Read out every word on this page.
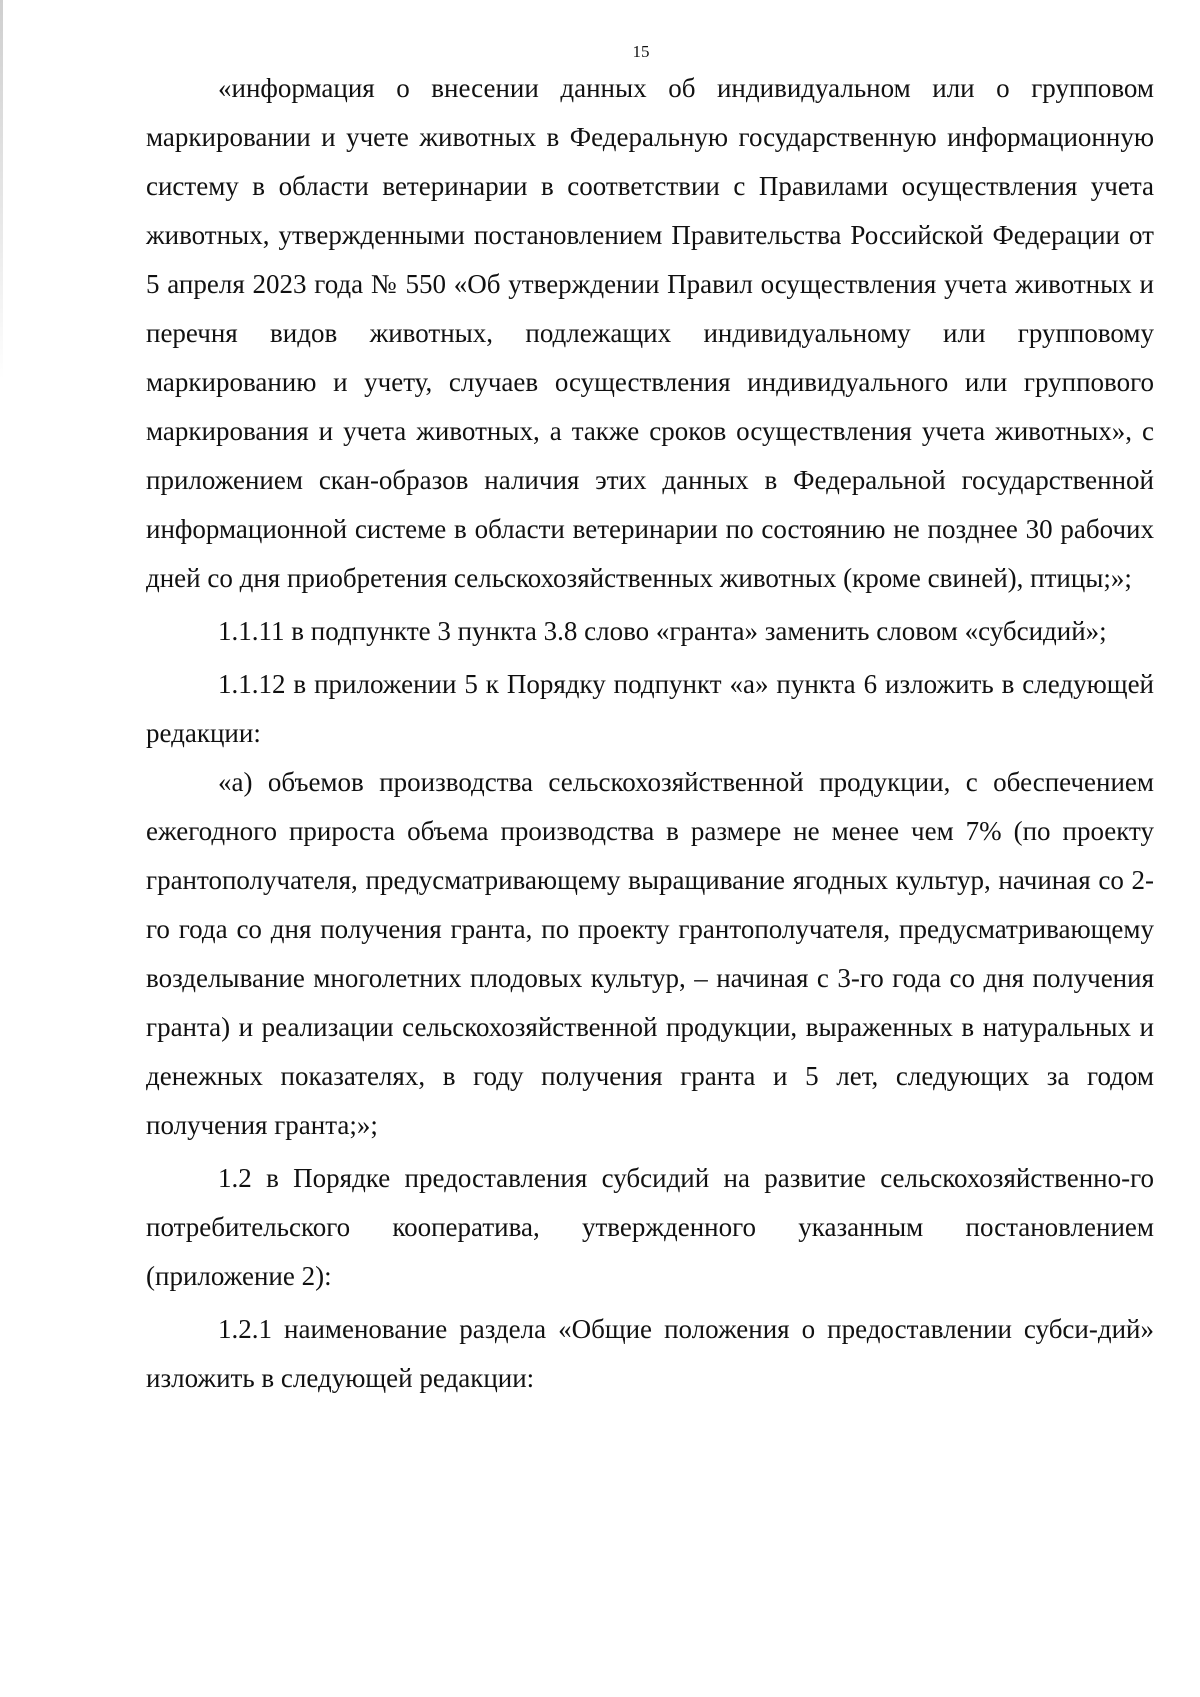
15

«информация о внесении данных об индивидуальном или о групповом маркировании и учете животных в Федеральную государственную информационную систему в области ветеринарии в соответствии с Правилами осуществления учета животных, утвержденными постановлением Правительства Российской Федерации от 5 апреля 2023 года № 550 «Об утверждении Правил осуществления учета животных и перечня видов животных, подлежащих индивидуальному или групповому маркированию и учету, случаев осуществления индивидуального или группового маркирования и учета животных, а также сроков осуществления учета животных», с приложением скан-образов наличия этих данных в Федеральной государственной информационной системе в области ветеринарии по состоянию не позднее 30 рабочих дней со дня приобретения сельскохозяйственных животных (кроме свиней), птицы;»;

1.1.11 в подпункте 3 пункта 3.8 слово «гранта» заменить словом «субсидий»;

1.1.12 в приложении 5 к Порядку подпункт «а» пункта 6 изложить в следующей редакции:

«а) объемов производства сельскохозяйственной продукции, с обеспечением ежегодного прироста объема производства в размере не менее чем 7% (по проекту грантополучателя, предусматривающему выращивание ягодных культур, начиная со 2-го года со дня получения гранта, по проекту грантополучателя, предусматривающему возделывание многолетних плодовых культур, – начиная с 3-го года со дня получения гранта) и реализации сельскохозяйственной продукции, выраженных в натуральных и денежных показателях, в году получения гранта и 5 лет, следующих за годом получения гранта;»;

1.2 в Порядке предоставления субсидий на развитие сельскохозяйственно-го потребительского кооператива, утвержденного указанным постановлением (приложение 2):

1.2.1 наименование раздела «Общие положения о предоставлении субси-дий» изложить в следующей редакции:
